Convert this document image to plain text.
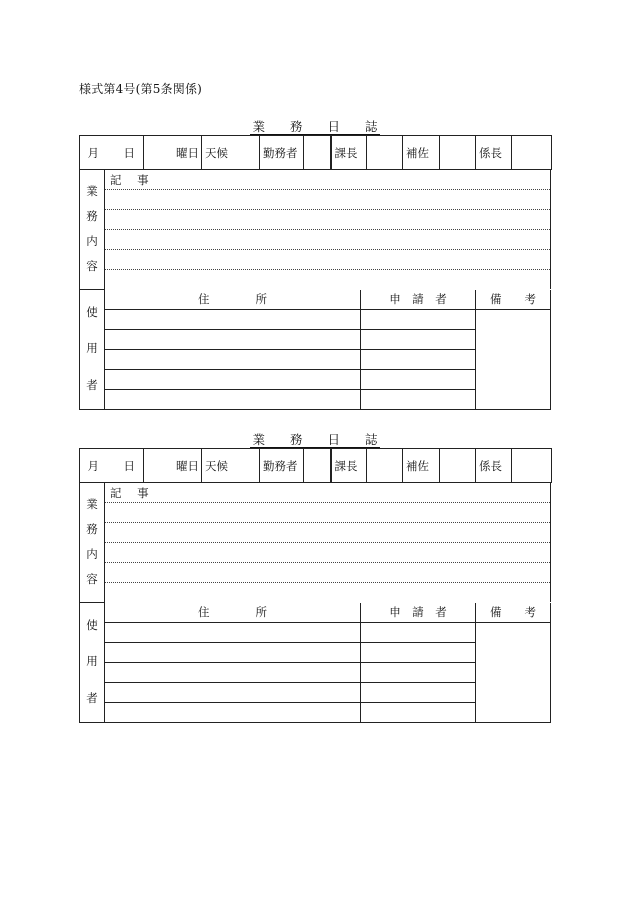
様式第4号(第5条関係)
業　　務　　日　　誌
月　　日	曜日	天候	勤務者		課長		補佐		係長	
業
務
内
容
	記 事

使
用
者	住　　　　所	申　請　者	備　　考

業　　務　　日　　誌
月　　日	曜日	天候	勤務者		課長		補佐		係長	
業
務
内
容
	記 事

使
用
者	住　　　　所	申　請　者	備　　考
